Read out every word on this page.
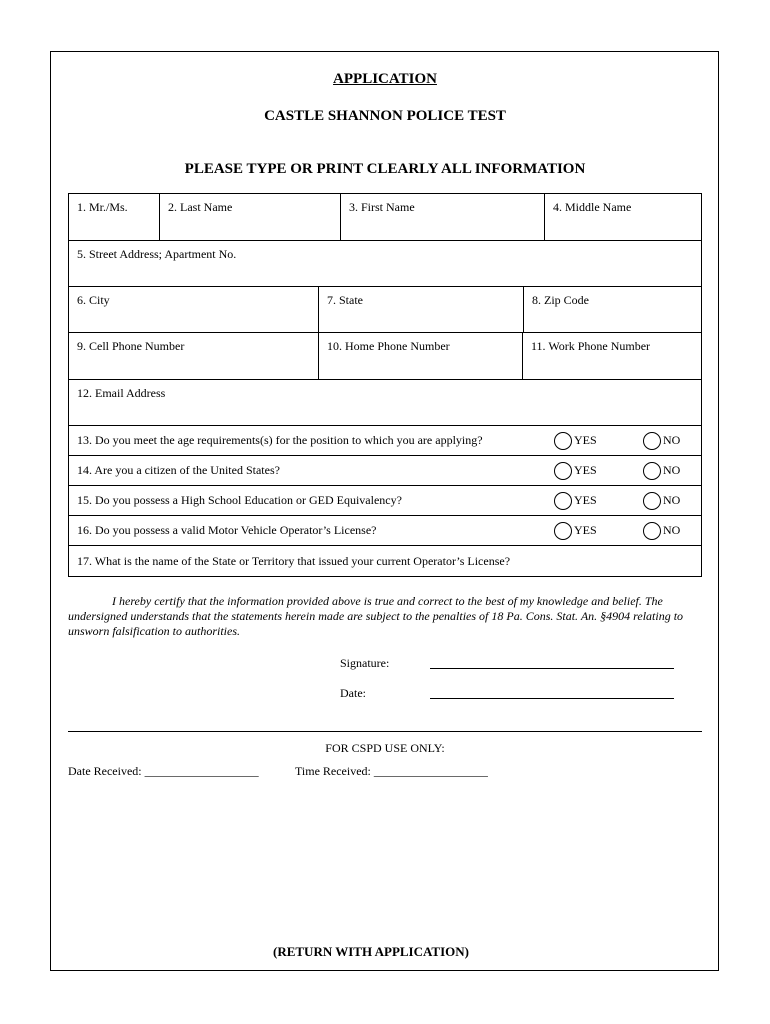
APPLICATION
CASTLE SHANNON POLICE TEST
PLEASE TYPE OR PRINT CLEARLY ALL INFORMATION
1. Mr./Ms.	2. Last Name	3. First Name	4. Middle Name
5. Street Address; Apartment No.
6. City	7. State	8. Zip Code
9. Cell Phone Number	10. Home Phone Number	11. Work Phone Number
12. Email Address
13. Do you meet the age requirements(s) for the position to which you are applying?	YES	NO
14. Are you a citizen of the United States?	YES	NO
15. Do you possess a High School Education or GED Equivalency?	YES	NO
16. Do you possess a valid Motor Vehicle Operator’s License?	YES	NO
17. What is the name of the State or Territory that issued your current Operator’s License?
I hereby certify that the information provided above is true and correct to the best of my knowledge and belief. The undersigned understands that the statements herein made are subject to the penalties of 18 Pa. Cons. Stat. An. §4904 relating to unsworn falsification to authorities.
Signature:
Date:
FOR CSPD USE ONLY:
Date Received: ___________________	Time Received: ___________________
(RETURN WITH APPLICATION)
